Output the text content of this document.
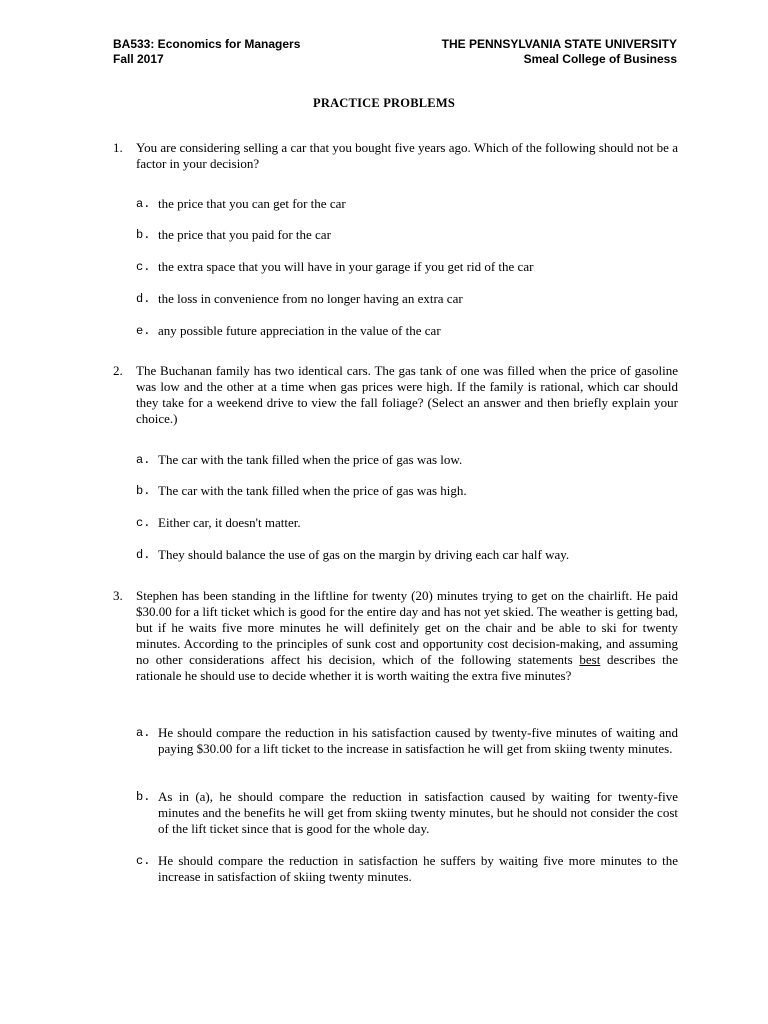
BA533: Economics for Managers
Fall 2017
THE PENNSYLVANIA STATE UNIVERSITY
Smeal College of Business
PRACTICE PROBLEMS
1. You are considering selling a car that you bought five years ago. Which of the following should not be a factor in your decision?
a. the price that you can get for the car
b. the price that you paid for the car
c. the extra space that you will have in your garage if you get rid of the car
d. the loss in convenience from no longer having an extra car
e. any possible future appreciation in the value of the car
2. The Buchanan family has two identical cars. The gas tank of one was filled when the price of gasoline was low and the other at a time when gas prices were high. If the family is rational, which car should they take for a weekend drive to view the fall foliage? (Select an answer and then briefly explain your choice.)
a. The car with the tank filled when the price of gas was low.
b. The car with the tank filled when the price of gas was high.
c. Either car, it doesn't matter.
d. They should balance the use of gas on the margin by driving each car half way.
3. Stephen has been standing in the liftline for twenty (20) minutes trying to get on the chairlift. He paid $30.00 for a lift ticket which is good for the entire day and has not yet skied. The weather is getting bad, but if he waits five more minutes he will definitely get on the chair and be able to ski for twenty minutes. According to the principles of sunk cost and opportunity cost decision-making, and assuming no other considerations affect his decision, which of the following statements best describes the rationale he should use to decide whether it is worth waiting the extra five minutes?
a. He should compare the reduction in his satisfaction caused by twenty-five minutes of waiting and paying $30.00 for a lift ticket to the increase in satisfaction he will get from skiing twenty minutes.
b. As in (a), he should compare the reduction in satisfaction caused by waiting for twenty-five minutes and the benefits he will get from skiing twenty minutes, but he should not consider the cost of the lift ticket since that is good for the whole day.
c. He should compare the reduction in satisfaction he suffers by waiting five more minutes to the increase in satisfaction of skiing twenty minutes.
